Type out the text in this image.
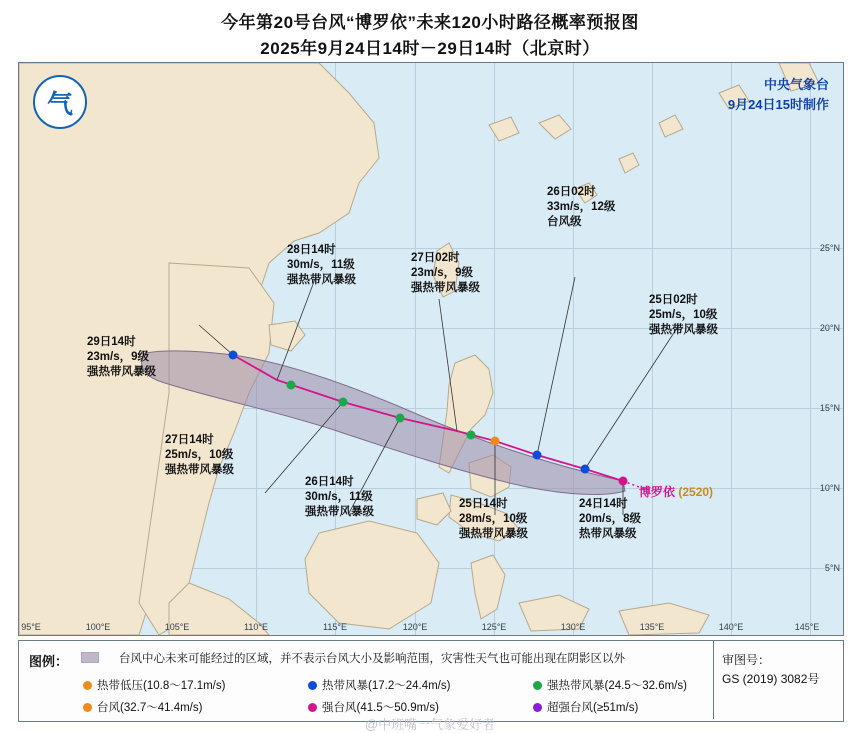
今年第20号台风“博罗依”未来120小时路径概率预报图
2025年9月24日14时－29日14时（北京时）
95°E	100°E	105°E	110°E	115°E	120°E	125°E	130°E	135°E	140°E	145°E
25°N
20°N
15°N
10°N
5°N
气
中央气象台
9月24日15时制作
博罗依 (2520)
29日14时
23m/s，9级
强热带风暴级
28日14时
30m/s，11级
强热带风暴级
27日14时
25m/s，10级
强热带风暴级
27日02时
23m/s，9级
强热带风暴级
26日14时
30m/s，11级
强热带风暴级
26日02时
33m/s，12级
台风级
25日14时
28m/s，10级
强热带风暴级
25日02时
25m/s，10级
强热带风暴级
24日14时
20m/s，8级
热带风暴级
图例：	台风中心未来可能经过的区域，并不表示台风大小及影响范围，灾害性天气也可能出现在阴影区以外
热带低压(10.8～17.1m/s)	热带风暴(17.2～24.4m/s)	强热带风暴(24.5～32.6m/s)
台风(32.7～41.4m/s)	强台风(41.5～50.9m/s)	超强台风(≥51m/s)
审图号：
GS (2019) 3082号
@中班嘴一气象爱好者
